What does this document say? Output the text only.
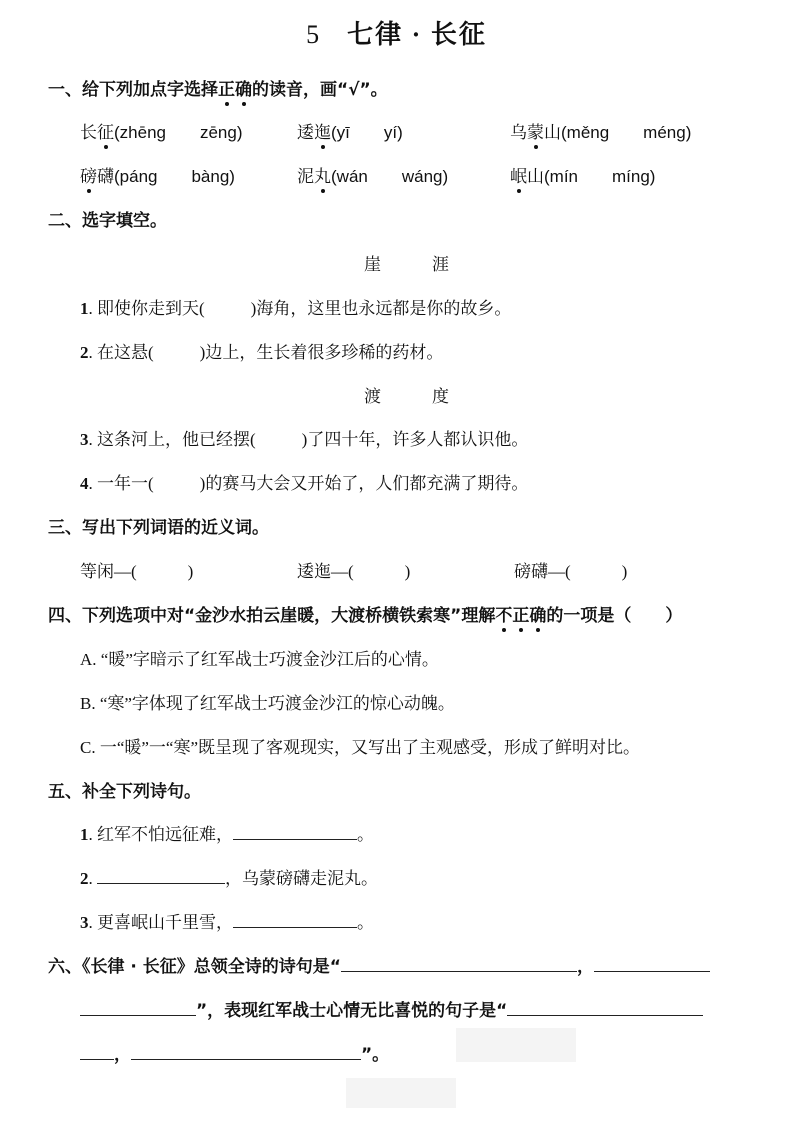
5 七律 · 长征
一、给下列加点字选择正确的读音，画“√”。
长征(zhēng　　zēng)	逶迤(yī　　yí)	乌蒙山(měng　　méng)
磅礴(páng　　bàng)	泥丸(wán　　wáng)	岷山(mín　　míng)
二、选字填空。
崖　　　涯
1. 即使你走到天(	)海角，这里也永远都是你的故乡。
2. 在这悬(	)边上，生长着很多珍稀的药材。
渡　　　度
3. 这条河上，他已经摆(	)了四十年，许多人都认识他。
4. 一年一(	)的赛马大会又开始了，人们都充满了期待。
三、写出下列词语的近义词。
等闲—(　　　)	逶迤—(　　　)	磅礴—(　　　)
四、下列选项中对“金沙水拍云崖暖，大渡桥横铁索寒”理解不正确的一项是（　　）
A. “暖”字暗示了红军战士巧渡金沙江后的心情。
B. “寒”字体现了红军战士巧渡金沙江的惊心动魄。
C. 一“暖”一“寒”既呈现了客观现实，又写出了主观感受，形成了鲜明对比。
五、补全下列诗句。
1. 红军不怕远征难，	。
2.	，乌蒙磅礴走泥丸。
3. 更喜岷山千里雪，	。
六、《长律 · 长征》总领全诗的诗句是“	，
”，表现红军战士心情无比喜悦的句子是“
，	”。
